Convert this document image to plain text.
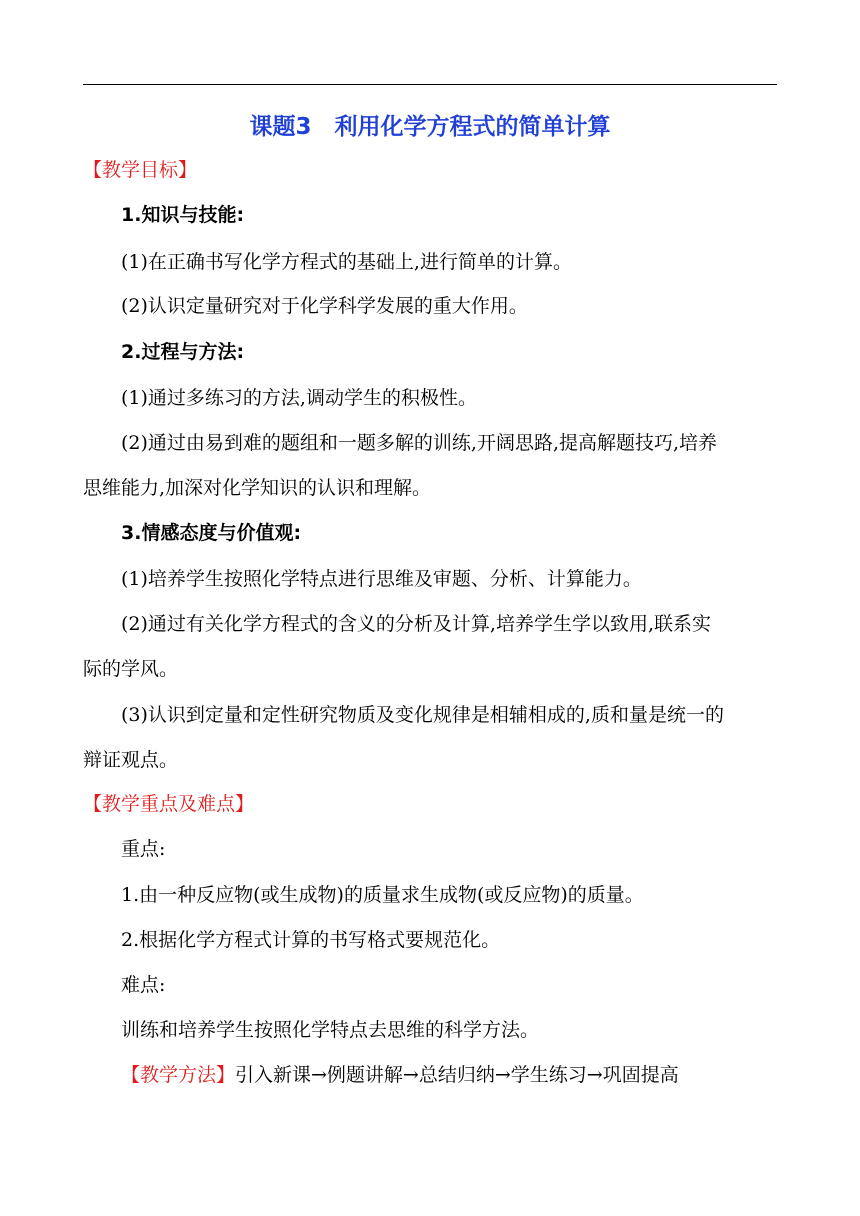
课题3　利用化学方程式的简单计算
【教学目标】
1.知识与技能:
(1)在正确书写化学方程式的基础上,进行简单的计算。
(2)认识定量研究对于化学科学发展的重大作用。
2.过程与方法:
(1)通过多练习的方法,调动学生的积极性。
(2)通过由易到难的题组和一题多解的训练,开阔思路,提高解题技巧,培养
思维能力,加深对化学知识的认识和理解。
3.情感态度与价值观:
(1)培养学生按照化学特点进行思维及审题、分析、计算能力。
(2)通过有关化学方程式的含义的分析及计算,培养学生学以致用,联系实
际的学风。
(3)认识到定量和定性研究物质及变化规律是相辅相成的,质和量是统一的
辩证观点。
【教学重点及难点】
重点:
1.由一种反应物(或生成物)的质量求生成物(或反应物)的质量。
2.根据化学方程式计算的书写格式要规范化。
难点:
训练和培养学生按照化学特点去思维的科学方法。
【教学方法】引入新课→例题讲解→总结归纳→学生练习→巩固提高
